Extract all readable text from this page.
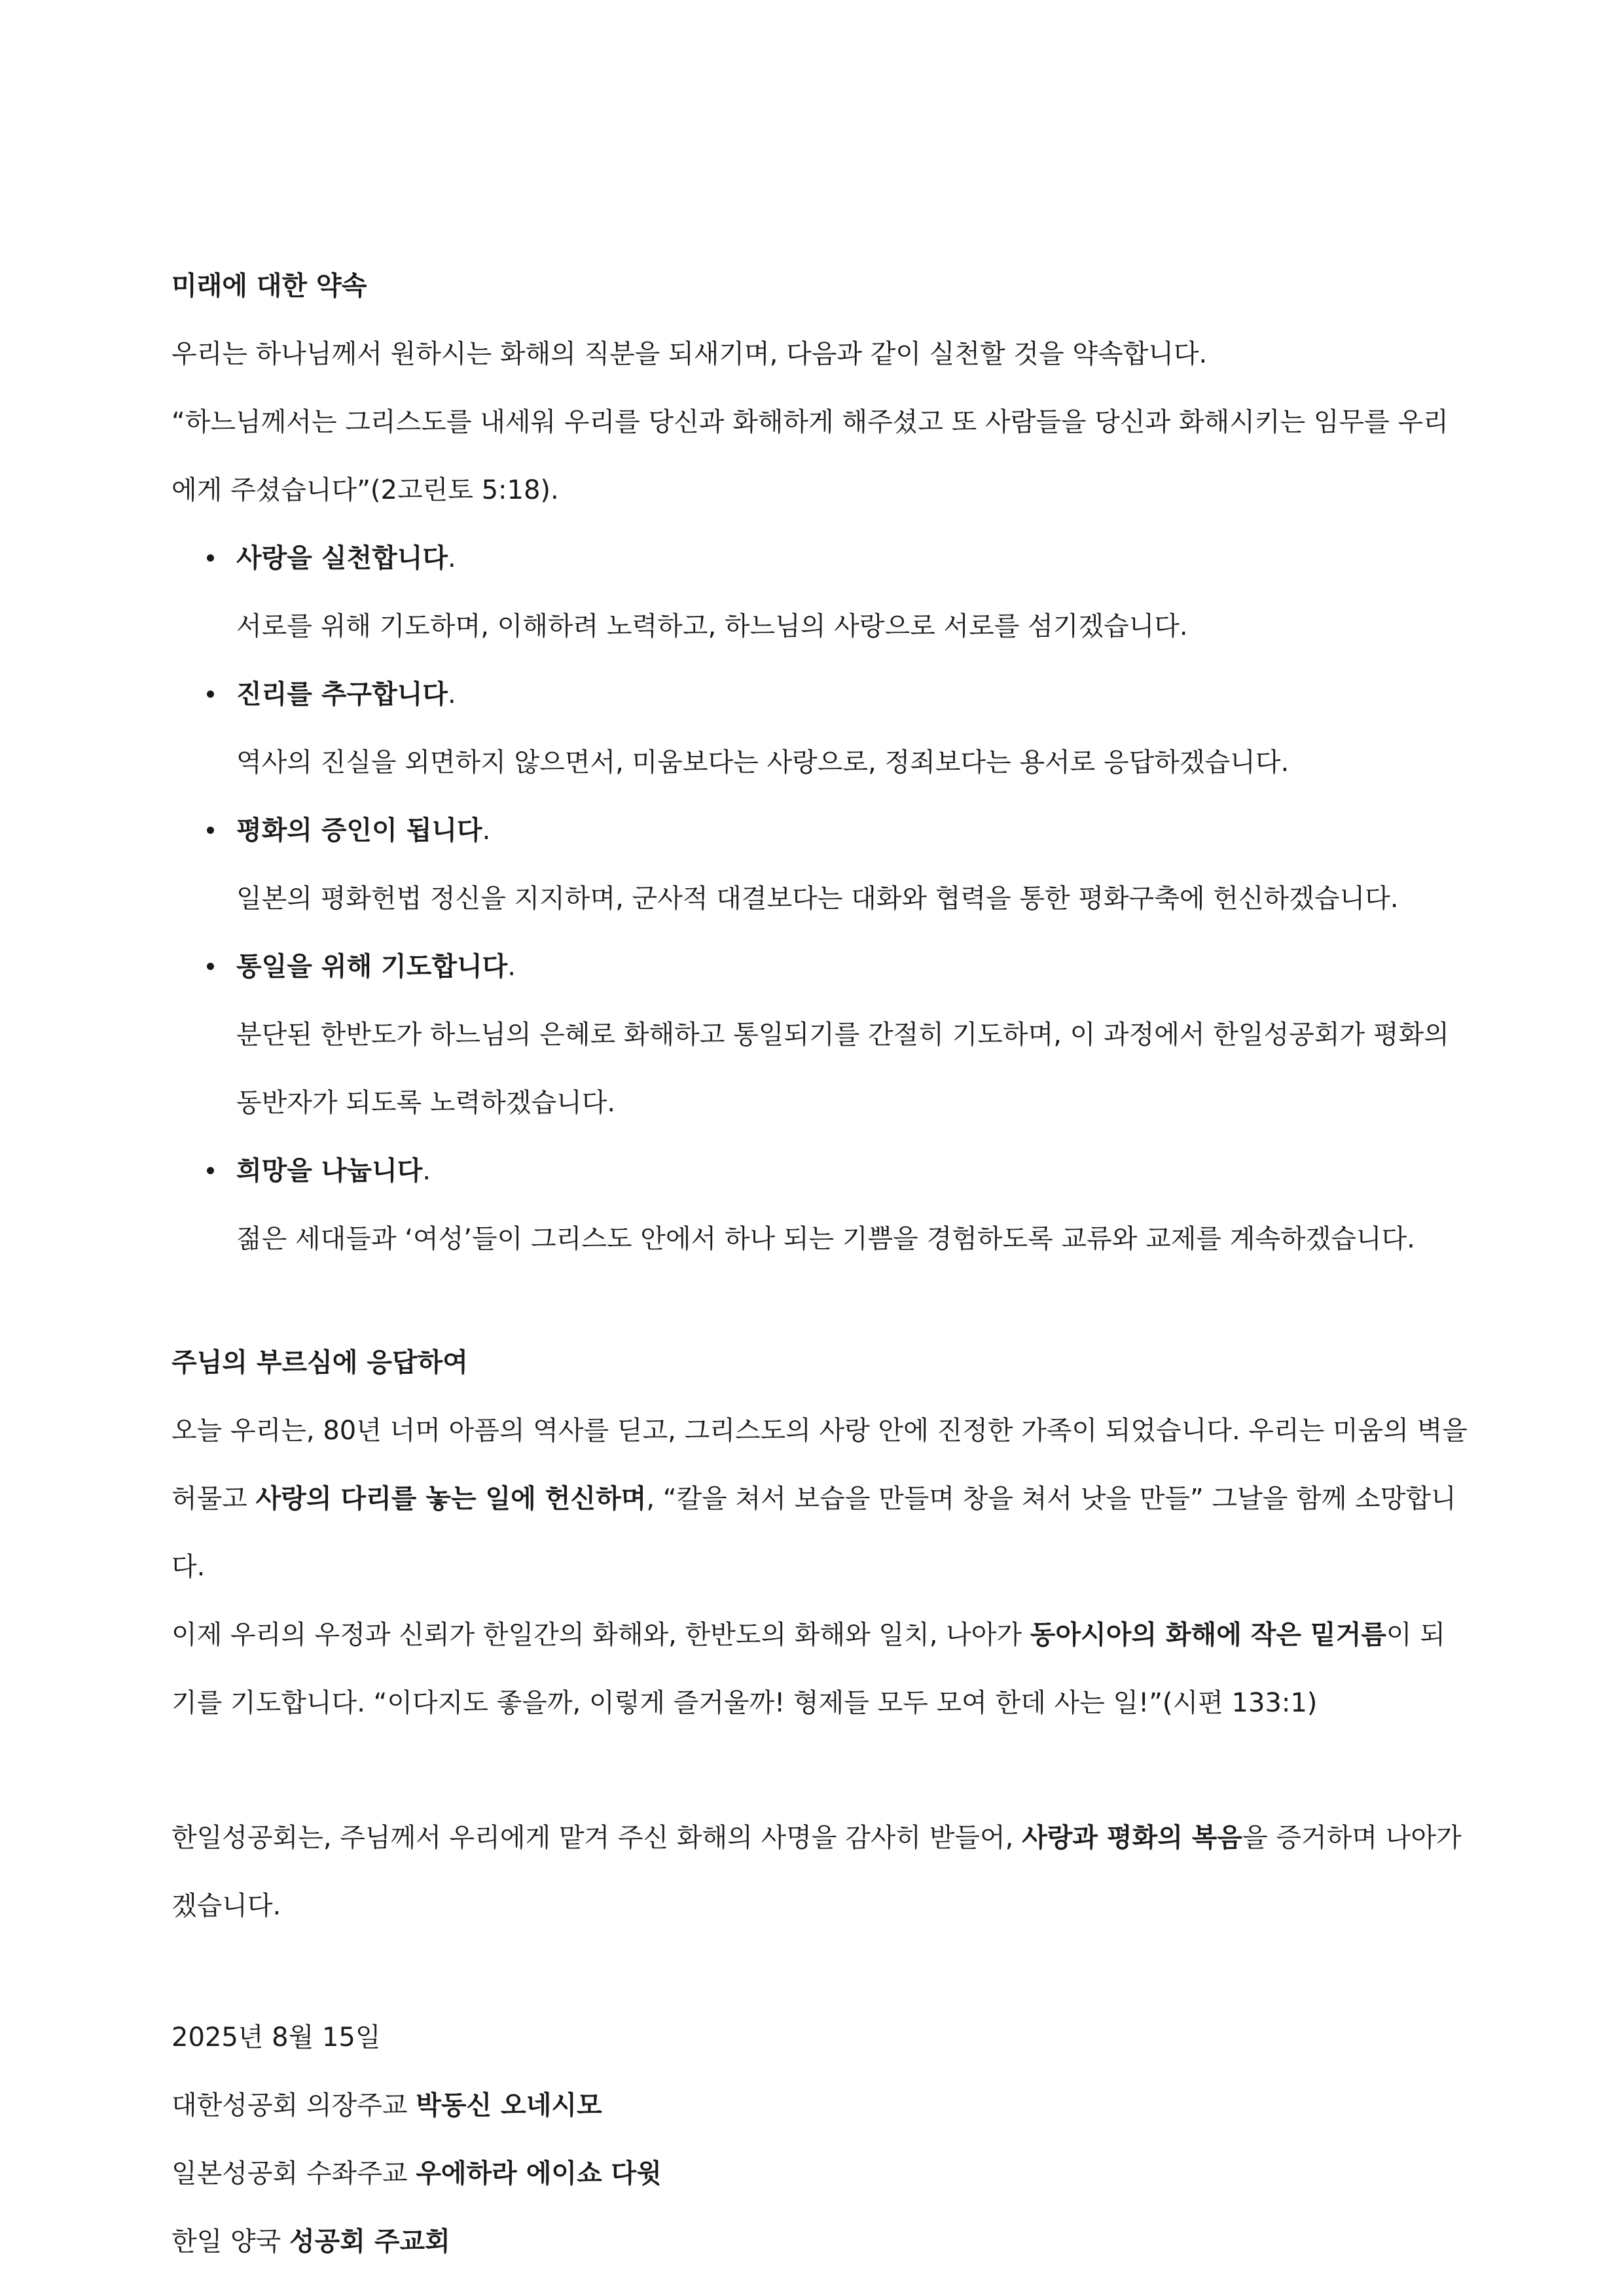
미래에 대한 약속

우리는 하나님께서 원하시는 화해의 직분을 되새기며, 다음과 같이 실천할 것을 약속합니다.

“하느님께서는 그리스도를 내세워 우리를 당신과 화해하게 해주셨고 또 사람들을 당신과 화해시키는 임무를 우리에게 주셨습니다”(2고린토 5:18).

사랑을 실천합니다.
서로를 위해 기도하며, 이해하려 노력하고, 하느님의 사랑으로 서로를 섬기겠습니다.
진리를 추구합니다.
역사의 진실을 외면하지 않으면서, 미움보다는 사랑으로, 정죄보다는 용서로 응답하겠습니다.
평화의 증인이 됩니다.
일본의 평화헌법 정신을 지지하며, 군사적 대결보다는 대화와 협력을 통한 평화구축에 헌신하겠습니다.
통일을 위해 기도합니다.
분단된 한반도가 하느님의 은혜로 화해하고 통일되기를 간절히 기도하며, 이 과정에서 한일성공회가 평화의 동반자가 되도록 노력하겠습니다.
희망을 나눕니다.
젊은 세대들과 ‘여성’들이 그리스도 안에서 하나 되는 기쁨을 경험하도록 교류와 교제를 계속하겠습니다.

주님의 부르심에 응답하여

오늘 우리는, 80년 너머 아픔의 역사를 딛고, 그리스도의 사랑 안에 진정한 가족이 되었습니다. 우리는 미움의 벽을 허물고 사랑의 다리를 놓는 일에 헌신하며, “칼을 쳐서 보습을 만들며 창을 쳐서 낫을 만들” 그날을 함께 소망합니다.

이제 우리의 우정과 신뢰가 한일간의 화해와, 한반도의 화해와 일치, 나아가 동아시아의 화해에 작은 밑거름이 되기를 기도합니다. “이다지도 좋을까, 이렇게 즐거울까! 형제들 모두 모여 한데 사는 일!”(시편 133:1)

한일성공회는, 주님께서 우리에게 맡겨 주신 화해의 사명을 감사히 받들어, 사랑과 평화의 복음을 증거하며 나아가겠습니다.

2025년 8월 15일

대한성공회 의장주교 박동신 오네시모

일본성공회 수좌주교 우에하라 에이쇼 다윗

한일 양국 성공회 주교회
